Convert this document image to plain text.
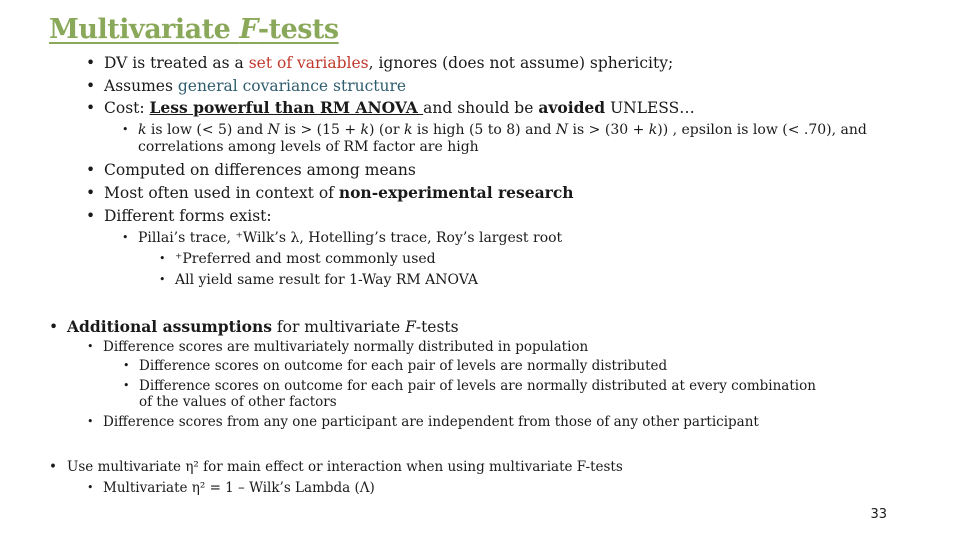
Multivariate F-tests
• DV is treated as a set of variables, ignores (does not assume) sphericity;
• Assumes general covariance structure
• Cost: Less powerful than RM ANOVA and should be avoided UNLESS…
• k is low (< 5) and N is > (15 + k) (or k is high (5 to 8) and N is > (30 + k)) , epsilon is low (< .70), and
correlations among levels of RM factor are high
• Computed on differences among means
• Most often used in context of non-experimental research
• Different forms exist:
• Pillai’s trace, ⁺Wilk’s λ, Hotelling’s trace, Roy’s largest root
• ⁺Preferred and most commonly used
• All yield same result for 1-Way RM ANOVA
• Additional assumptions for multivariate F-tests
• Difference scores are multivariately normally distributed in population
• Difference scores on outcome for each pair of levels are normally distributed
• Difference scores on outcome for each pair of levels are normally distributed at every combination
of the values of other factors
• Difference scores from any one participant are independent from those of any other participant
• Use multivariate η² for main effect or interaction when using multivariate F-tests
• Multivariate η² = 1 – Wilk’s Lambda (Λ)
33
